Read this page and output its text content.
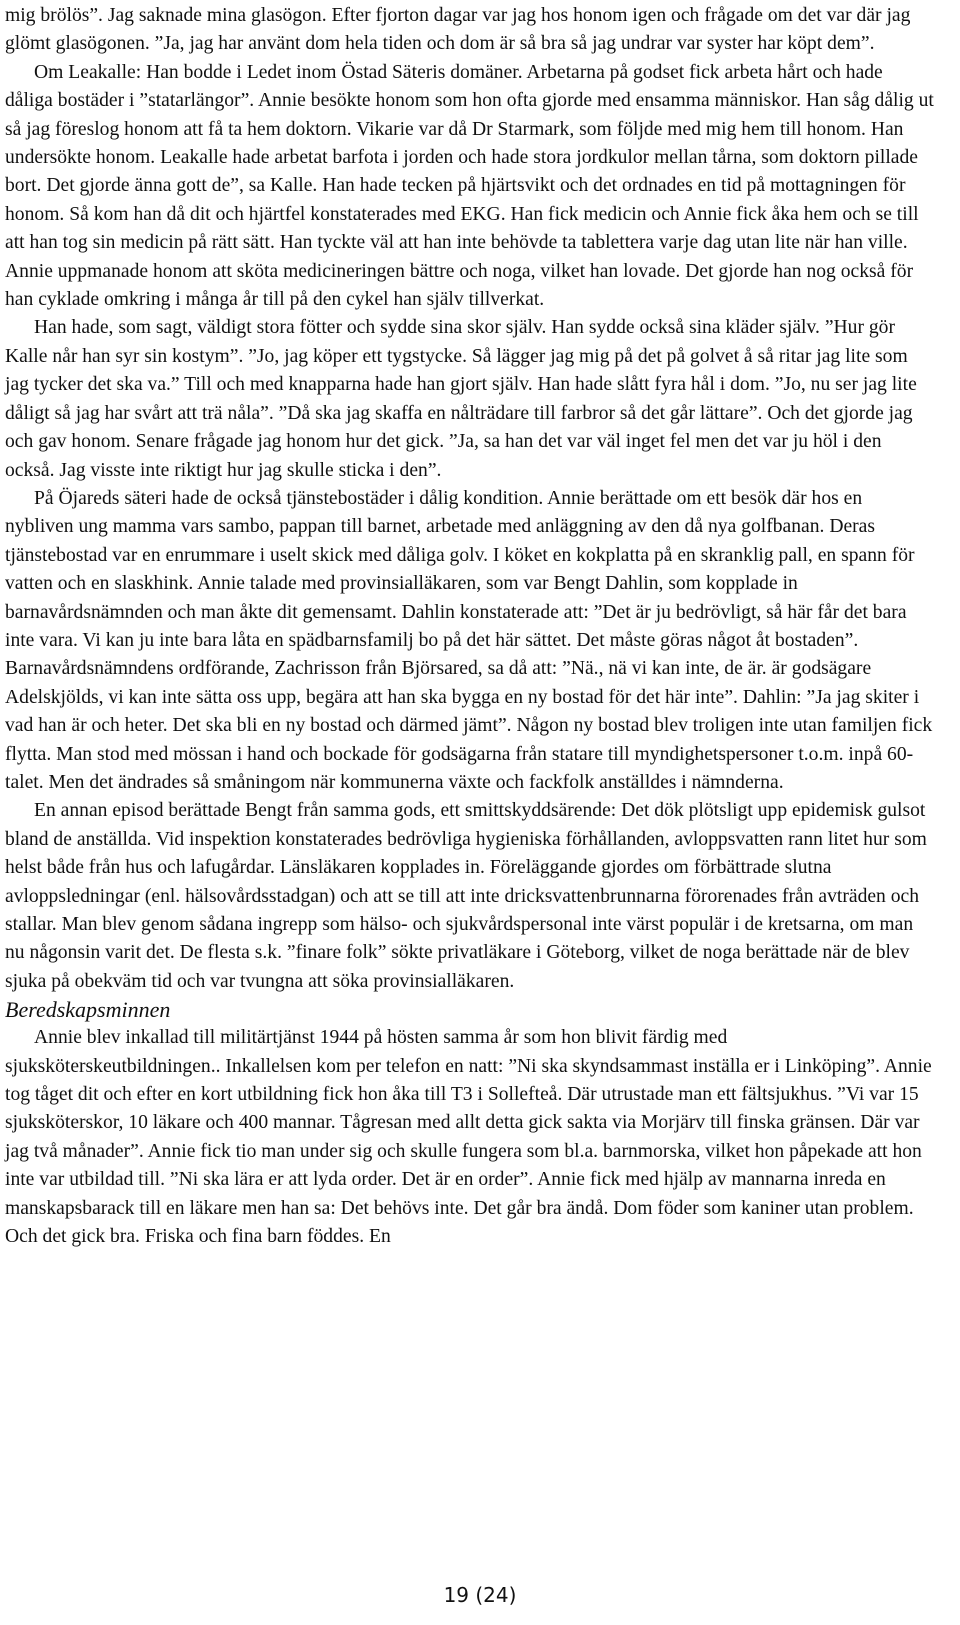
mig brölös”. Jag saknade mina glasögon. Efter fjorton dagar var jag hos honom igen och frågade om det var där jag glömt glasögonen. ”Ja, jag har använt dom hela tiden och dom är så bra så jag undrar var syster har köpt dem”.

Om Leakalle: Han bodde i Ledet inom Östad Säteris domäner. Arbetarna på godset fick arbeta hårt och hade dåliga bostäder i ”statarlängor”. Annie besökte honom som hon ofta gjorde med ensamma människor. Han såg dålig ut så jag föreslog honom att få ta hem doktorn. Vikarie var då Dr Starmark, som följde med mig hem till honom. Han undersökte honom. Leakalle hade arbetat barfota i jorden och hade stora jordkulor mellan tårna, som doktorn pillade bort. Det gjorde änna gott de”, sa Kalle. Han hade tecken på hjärtsvikt och det ordnades en tid på mottagningen för honom. Så kom han då dit och hjärtfel konstaterades med EKG. Han fick medicin och Annie fick åka hem och se till att han tog sin medicin på rätt sätt. Han tyckte väl att han inte behövde ta tablettera varje dag utan lite när han ville. Annie uppmanade honom att sköta medicineringen bättre och noga, vilket han lovade. Det gjorde han nog också för han cyklade omkring i många år till på den cykel han själv tillverkat.

Han hade, som sagt, väldigt stora fötter och sydde sina skor själv. Han sydde också sina kläder själv. ”Hur gör Kalle når han syr sin kostym”. ”Jo, jag köper ett tygstycke. Så lägger jag mig på det på golvet å så ritar jag lite som jag tycker det ska va.” Till och med knapparna hade han gjort själv. Han hade slått fyra hål i dom. ”Jo, nu ser jag lite dåligt så jag har svårt att trä nåla”. ”Då ska jag skaffa en nålträdare till farbror så det går lättare”. Och det gjorde jag och gav honom. Senare frågade jag honom hur det gick. ”Ja, sa han det var väl inget fel men det var ju höl i den också. Jag visste inte riktigt hur jag skulle sticka i den”.

På Öjareds säteri hade de också tjänstebostäder i dålig kondition. Annie berättade om ett besök där hos en nybliven ung mamma vars sambo, pappan till barnet, arbetade med anläggning av den då nya golfbanan. Deras tjänstebostad var en enrummare i uselt skick med dåliga golv. I köket en kokplatta på en skranklig pall, en spann för vatten och en slaskhink. Annie talade med provinsialläkaren, som var Bengt Dahlin, som kopplade in barnavårdsnämnden och man åkte dit gemensamt. Dahlin konstaterade att: ”Det är ju bedrövligt, så här får det bara inte vara. Vi kan ju inte bara låta en spädbarnsfamilj bo på det här sättet. Det måste göras något åt bostaden”. Barnavårdsnämndens ordförande, Zachrisson från Björsared, sa då att: ”Nä., nä vi kan inte, de är. är godsägare Adelskjölds, vi kan inte sätta oss upp, begära att han ska bygga en ny bostad för det här inte”. Dahlin: ”Ja jag skiter i vad han är och heter. Det ska bli en ny bostad och därmed jämt”. Någon ny bostad blev troligen inte utan familjen fick flytta. Man stod med mössan i hand och bockade för godsägarna från statare till myndighetspersoner t.o.m. inpå 60-talet. Men det ändrades så småningom när kommunerna växte och fackfolk anställdes i nämnderna.

En annan episod berättade Bengt från samma gods, ett smittskyddsärende: Det dök plötsligt upp epidemisk gulsot bland de anställda. Vid inspektion konstaterades bedrövliga hygieniska förhållanden, avloppsvatten rann litet hur som helst både från hus och lafugårdar. Länsläkaren kopplades in. Föreläggande gjordes om förbättrade slutna avloppsledningar (enl. hälsovårdsstadgan) och att se till att inte dricksvattenbrunnarna förorenades från avträden och stallar. Man blev genom sådana ingrepp som hälso- och sjukvårdspersonal inte värst populär i de kretsarna, om man nu någonsin varit det. De flesta s.k. ”finare folk” sökte privatläkare i Göteborg, vilket de noga berättade när de blev sjuka på obekväm tid och var tvungna att söka provinsialläkaren.

Beredskapsminnen

Annie blev inkallad till militärtjänst 1944 på hösten samma år som hon blivit färdig med sjuksköterskeutbildningen.. Inkallelsen kom per telefon en natt: ”Ni ska skyndsammast inställa er i Linköping”. Annie tog tåget dit och efter en kort utbildning fick hon åka till T3 i Sollefteå. Där utrustade man ett fältsjukhus. ”Vi var 15 sjuksköterskor, 10 läkare och 400 mannar. Tågresan med allt detta gick sakta via Morjärv till finska gränsen. Där var jag två månader”. Annie fick tio man under sig och skulle fungera som bl.a. barnmorska, vilket hon påpekade att hon inte var utbildad till. ”Ni ska lära er att lyda order. Det är en order”. Annie fick med hjälp av mannarna inreda en manskapsbarack till en läkare men han sa: Det behövs inte. Det går bra ändå. Dom föder som kaniner utan problem. Och det gick bra. Friska och fina barn föddes. En

19 (24)
